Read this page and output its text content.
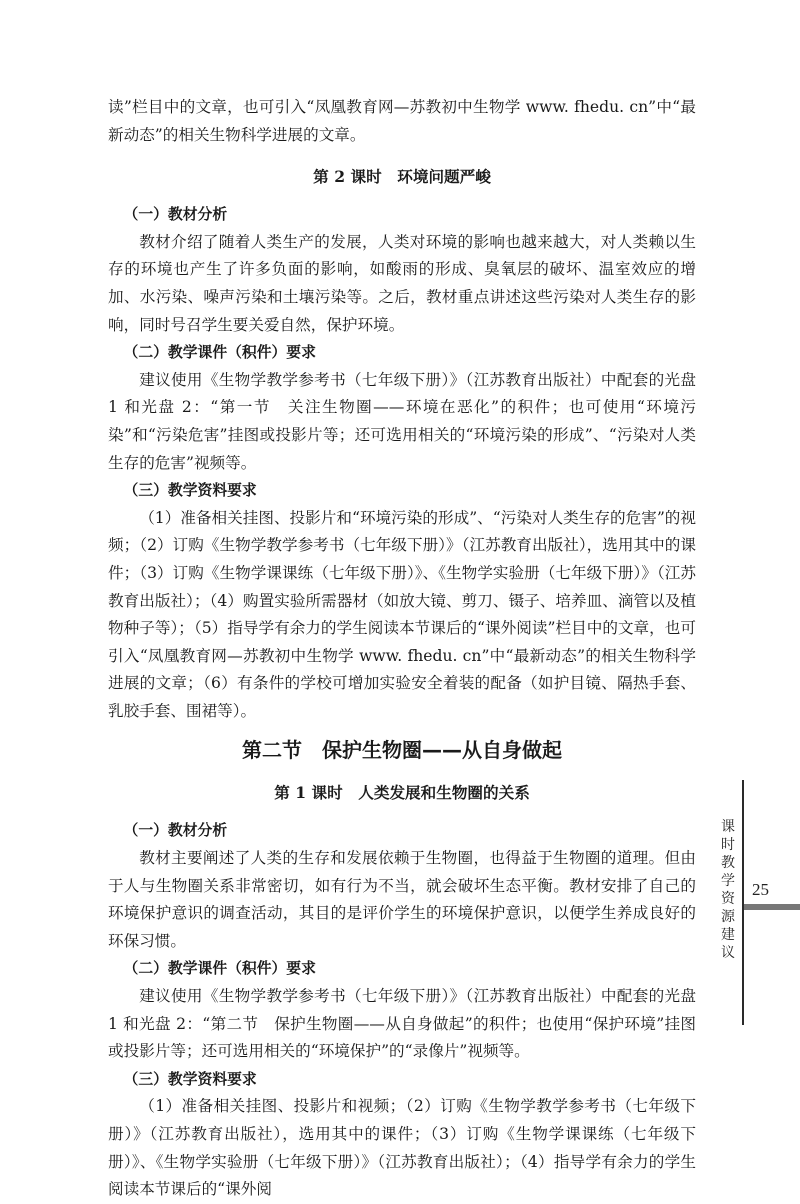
读”栏目中的文章，也可引入“凤凰教育网—苏教初中生物学 www. fhedu. cn”中“最新动态”的相关生物科学进展的文章。

第 2 课时　环境问题严峻

（一）教材分析

教材介绍了随着人类生产的发展，人类对环境的影响也越来越大，对人类赖以生存的环境也产生了许多负面的影响，如酸雨的形成、臭氧层的破坏、温室效应的增加、水污染、噪声污染和土壤污染等。之后，教材重点讲述这些污染对人类生存的影响，同时号召学生要关爱自然，保护环境。

（二）教学课件（积件）要求

建议使用《生物学教学参考书（七年级下册）》（江苏教育出版社）中配套的光盘 1 和光盘 2：“第一节　关注生物圈——环境在恶化”的积件；也可使用“环境污染”和“污染危害”挂图或投影片等；还可选用相关的“环境污染的形成”、“污染对人类生存的危害”视频等。

（三）教学资料要求

（1）准备相关挂图、投影片和“环境污染的形成”、“污染对人类生存的危害”的视频；（2）订购《生物学教学参考书（七年级下册）》（江苏教育出版社），选用其中的课件；（3）订购《生物学课课练（七年级下册）》、《生物学实验册（七年级下册）》（江苏教育出版社）；（4）购置实验所需器材（如放大镜、剪刀、镊子、培养皿、滴管以及植物种子等）；（5）指导学有余力的学生阅读本节课后的“课外阅读”栏目中的文章，也可引入“凤凰教育网—苏教初中生物学 www. fhedu. cn”中“最新动态”的相关生物科学进展的文章；（6）有条件的学校可增加实验安全着装的配备（如护目镜、隔热手套、乳胶手套、围裙等）。

第二节　保护生物圈——从自身做起
第 1 课时　人类发展和生物圈的关系

（一）教材分析

教材主要阐述了人类的生存和发展依赖于生物圈，也得益于生物圈的道理。但由于人与生物圈关系非常密切，如有行为不当，就会破坏生态平衡。教材安排了自己的环境保护意识的调查活动，其目的是评价学生的环境保护意识，以便学生养成良好的环保习惯。

（二）教学课件（积件）要求

建议使用《生物学教学参考书（七年级下册）》（江苏教育出版社）中配套的光盘 1 和光盘 2：“第二节　保护生物圈——从自身做起”的积件；也使用“保护环境”挂图或投影片等；还可选用相关的“环境保护”的“录像片”视频等。

（三）教学资料要求

（1）准备相关挂图、投影片和视频；（2）订购《生物学教学参考书（七年级下册）》（江苏教育出版社），选用其中的课件；（3）订购《生物学课课练（七年级下册）》、《生物学实验册（七年级下册）》（江苏教育出版社）；（4）指导学有余力的学生阅读本节课后的“课外阅

课时教学资源建议
25
